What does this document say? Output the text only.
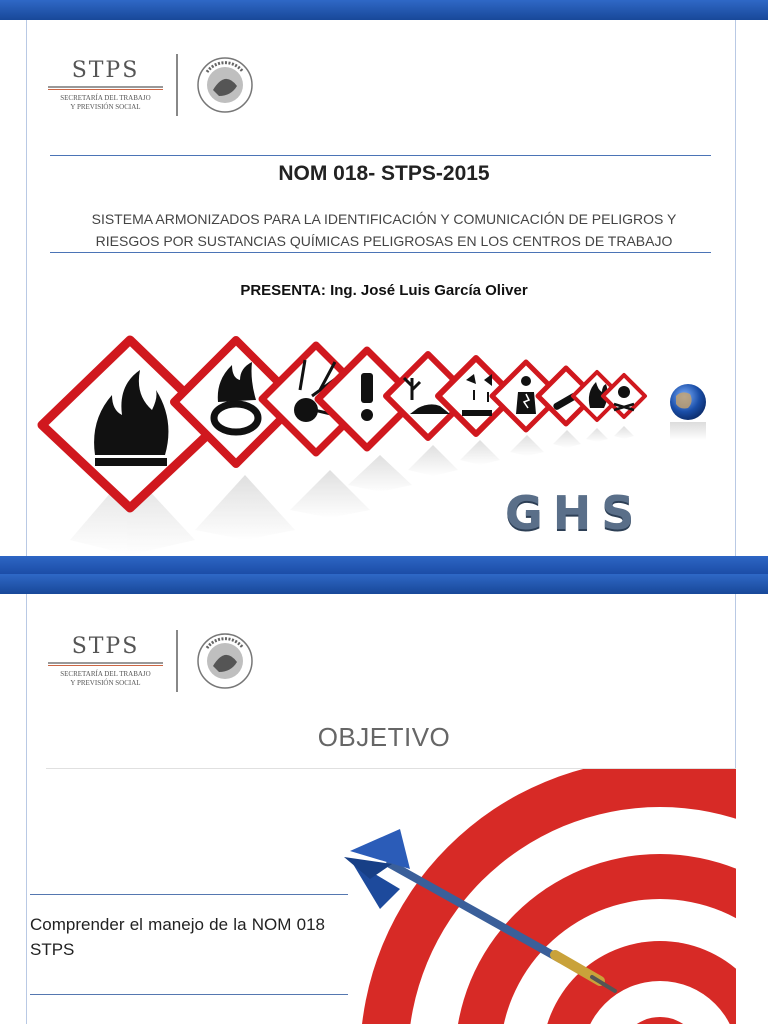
STPS
SECRETARÍA DEL TRABAJO
Y PREVISIÓN SOCIAL
NOM 018- STPS-2015
SISTEMA ARMONIZADOS PARA LA IDENTIFICACIÓN Y COMUNICACIÓN DE PELIGROS Y
RIESGOS POR SUSTANCIAS QUÍMICAS PELIGROSAS EN LOS CENTROS DE TRABAJO
PRESENTA: Ing. José Luis García Oliver
GHS
STPS
SECRETARÍA DEL TRABAJO
Y PREVISIÓN SOCIAL
OBJETIVO
Comprender el manejo de la NOM 018 STPS
